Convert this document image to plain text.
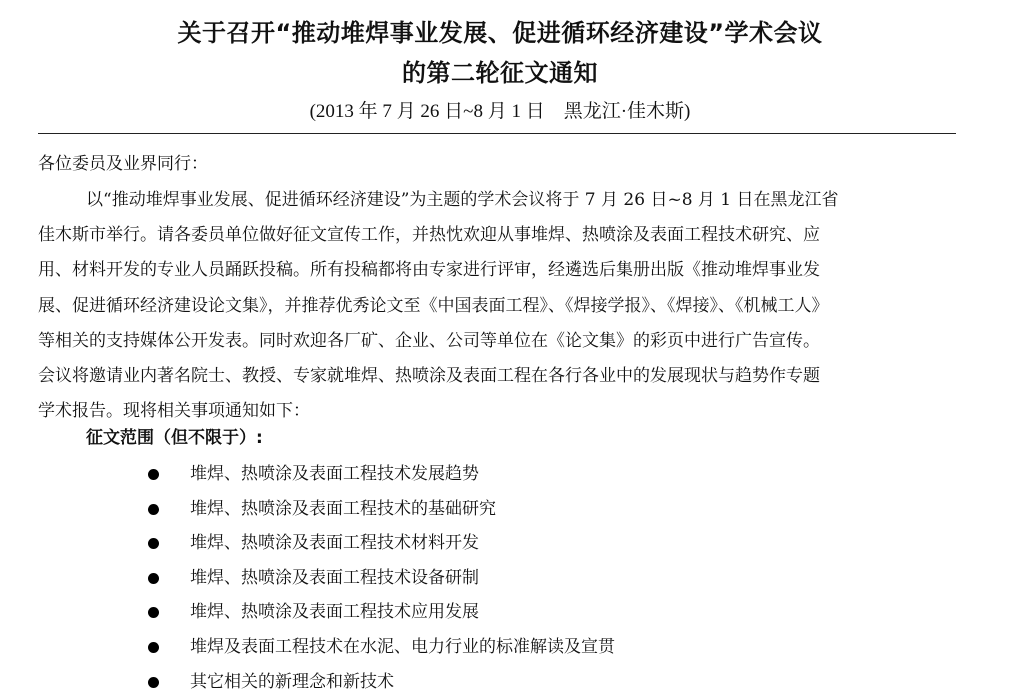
关于召开“推动堆焊事业发展、促进循环经济建设”学术会议
的第二轮征文通知
(2013 年 7 月 26 日~8 月 1 日　黑龙江·佳木斯)
各位委员及业界同行：

以“推动堆焊事业发展、促进循环经济建设”为主题的学术会议将于 7 月 26 日~8 月 1 日在黑龙江省
佳木斯市举行。请各委员单位做好征文宣传工作，并热忱欢迎从事堆焊、热喷涂及表面工程技术研究、应
用、材料开发的专业人员踊跃投稿。所有投稿都将由专家进行评审，经遴选后集册出版《推动堆焊事业发
展、促进循环经济建设论文集》，并推荐优秀论文至《中国表面工程》、《焊接学报》、《焊接》、《机械工人》
等相关的支持媒体公开发表。同时欢迎各厂矿、企业、公司等单位在《论文集》的彩页中进行广告宣传。
会议将邀请业内著名院士、教授、专家就堆焊、热喷涂及表面工程在各行各业中的发展现状与趋势作专题
学术报告。现将相关事项通知如下：

征文范围（但不限于）:
堆焊、热喷涂及表面工程技术发展趋势
堆焊、热喷涂及表面工程技术的基础研究
堆焊、热喷涂及表面工程技术材料开发
堆焊、热喷涂及表面工程技术设备研制
堆焊、热喷涂及表面工程技术应用发展
堆焊及表面工程技术在水泥、电力行业的标准解读及宣贯
其它相关的新理念和新技术
